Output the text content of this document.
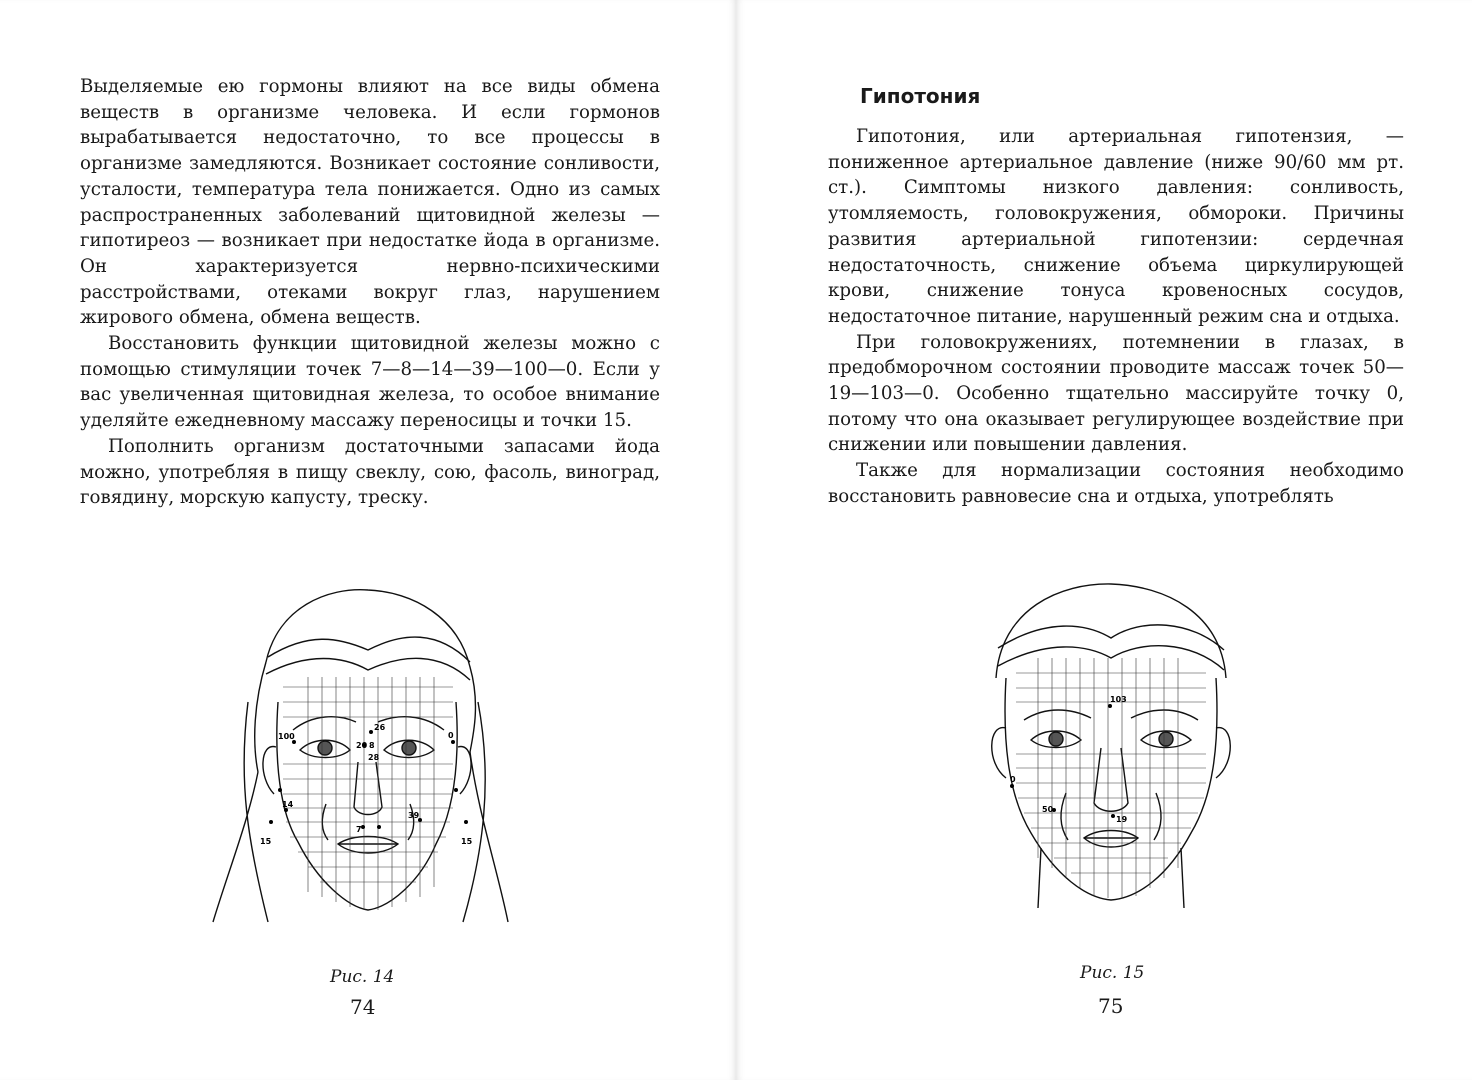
Выделяемые ею гормоны влияют на все виды обмена веществ в организме человека. И если гормонов вырабатывается недостаточно, то все процессы в организме замедляются. Возникает состояние сонливости, усталости, температура тела понижается. Одно из самых распространенных заболеваний щитовидной железы — гипотиреоз — возникает при недостатке йода в организме. Он характеризуется нервно-психическими расстройствами, отеками вокруг глаз, нарушением жирового обмена, обмена веществ.

Восстановить функции щитовидной железы можно с помощью стимуляции точек 7—8—14—39—100—0. Если у вас увеличенная щитовидная железа, то особое внимание уделяйте ежедневному массажу переносицы и точки 15.

Пополнить организм достаточными запасами йода можно, употребляя в пищу свеклу, сою, фасоль, виноград, говядину, морскую капусту, треску.

26
100	0
20 8
28
14
39
7
15	15

Рис. 14

74

Гипотония

Гипотония, или артериальная гипотензия, — пониженное артериальное давление (ниже 90/60 мм рт. ст.). Симптомы низкого давления: сонливость, утомляемость, головокружения, обмороки. Причины развития артериальной гипотензии: сердечная недостаточность, снижение объема циркулирующей крови, снижение тонуса кровеносных сосудов, недостаточное питание, нарушенный режим сна и отдыха.

При головокружениях, потемнении в глазах, в предобморочном состоянии проводите массаж точек 50—19—103—0. Особенно тщательно массируйте точку 0, потому что она оказывает регулирующее воздействие при снижении или повышении давления.

Также для нормализации состояния необходимо восстановить равновесие сна и отдыха, употреблять

103
0
50
19

Рис. 15

75
